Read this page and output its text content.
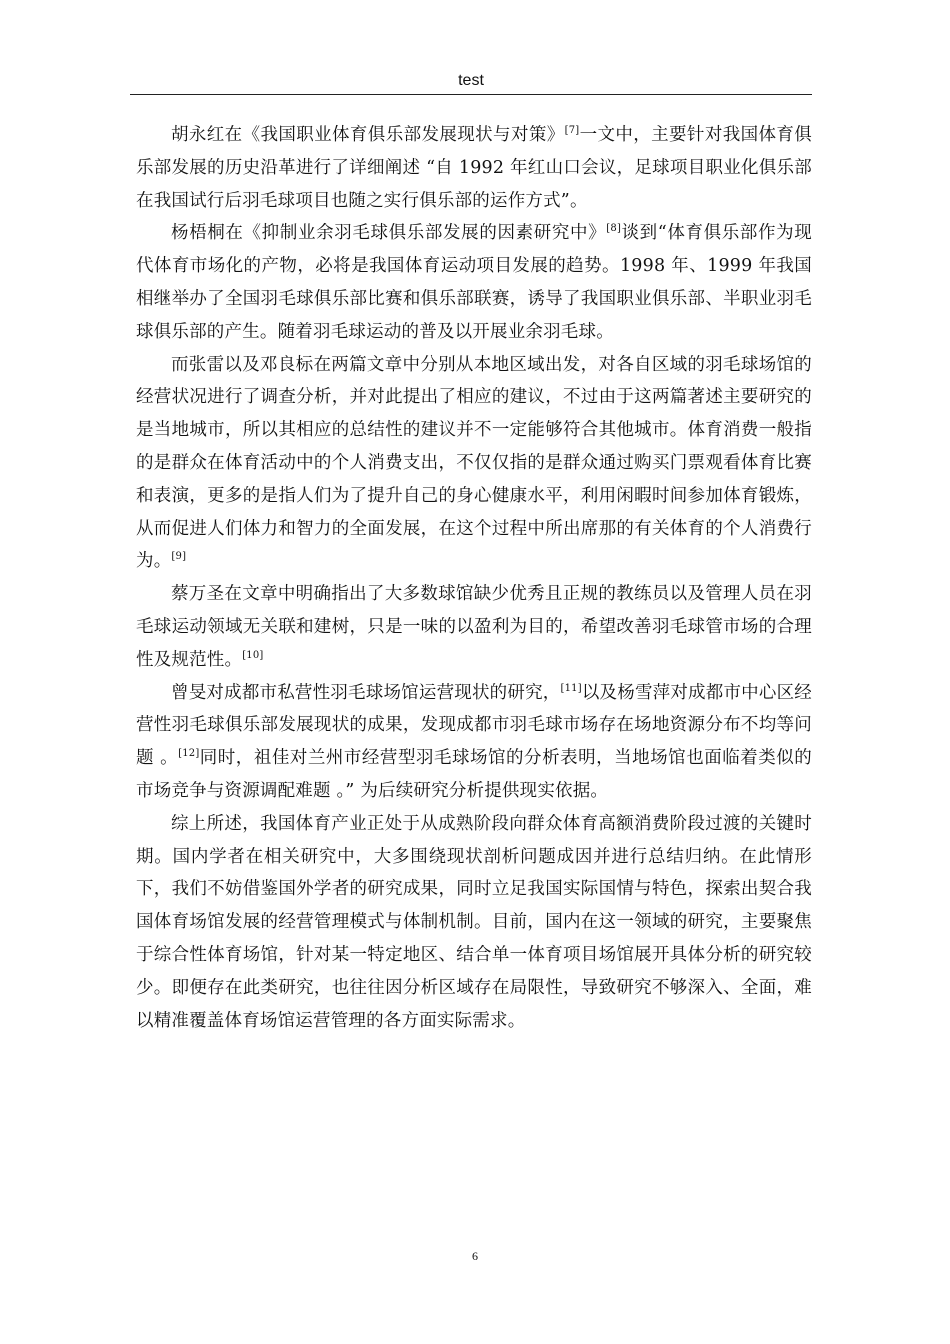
test

胡永红在《我国职业体育俱乐部发展现状与对策》[7]一文中，主要针对我国体育俱乐部发展的历史沿革进行了详细阐述 “自 1992 年红山口会议，足球项目职业化俱乐部在我国试行后羽毛球项目也随之实行俱乐部的运作方式”。

杨梧桐在《抑制业余羽毛球俱乐部发展的因素研究中》[8]谈到“体育俱乐部作为现代体育市场化的产物，必将是我国体育运动项目发展的趋势。1998 年、1999 年我国相继举办了全国羽毛球俱乐部比赛和俱乐部联赛，诱导了我国职业俱乐部、半职业羽毛球俱乐部的产生。随着羽毛球运动的普及以开展业余羽毛球。

而张雷以及邓良标在两篇文章中分别从本地区域出发，对各自区域的羽毛球场馆的经营状况进行了调查分析，并对此提出了相应的建议，不过由于这两篇著述主要研究的是当地城市，所以其相应的总结性的建议并不一定能够符合其他城市。体育消费一般指的是群众在体育活动中的个人消费支出，不仅仅指的是群众通过购买门票观看体育比赛和表演，更多的是指人们为了提升自己的身心健康水平，利用闲暇时间参加体育锻炼，从而促进人们体力和智力的全面发展，在这个过程中所出席那的有关体育的个人消费行为。[9]

蔡万圣在文章中明确指出了大多数球馆缺少优秀且正规的教练员以及管理人员在羽毛球运动领域无关联和建树，只是一味的以盈利为目的，希望改善羽毛球管市场的合理性及规范性。[10]

曾旻对成都市私营性羽毛球场馆运营现状的研究，[11]以及杨雪萍对成都市中心区经营性羽毛球俱乐部发展现状的成果，发现成都市羽毛球市场存在场地资源分布不均等问题 。[12]同时，祖佳对兰州市经营型羽毛球场馆的分析表明，当地场馆也面临着类似的市场竞争与资源调配难题 。” 为后续研究分析提供现实依据。

综上所述，我国体育产业正处于从成熟阶段向群众体育高额消费阶段过渡的关键时期。国内学者在相关研究中，大多围绕现状剖析问题成因并进行总结归纳。在此情形下，我们不妨借鉴国外学者的研究成果，同时立足我国实际国情与特色，探索出契合我国体育场馆发展的经营管理模式与体制机制。目前，国内在这一领域的研究，主要聚焦于综合性体育场馆，针对某一特定地区、结合单一体育项目场馆展开具体分析的研究较少。即便存在此类研究，也往往因分析区域存在局限性，导致研究不够深入、全面，难以精准覆盖体育场馆运营管理的各方面实际需求。

6
